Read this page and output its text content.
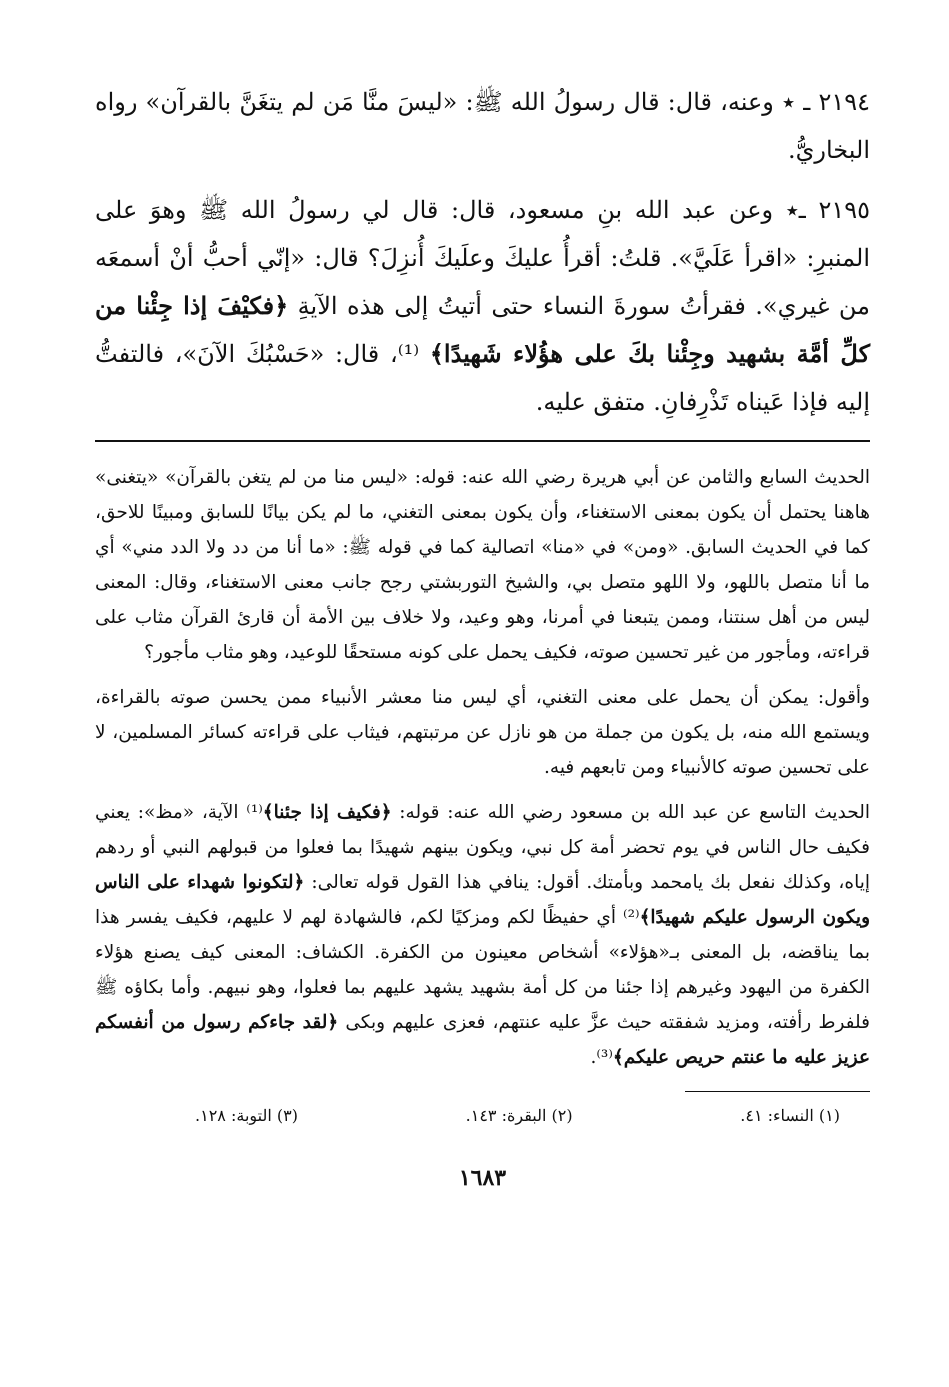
٢١٩٤ ـ ٭ وعنه، قال: قال رسولُ الله ﷺ: «ليسَ منَّا مَن لم يتغَنَّ بالقرآن» رواه البخاريُّ.

٢١٩٥ ـ٭ وعن عبد الله بنِ مسعود، قال: قال لي رسولُ الله ﷺ وهوَ على المنبرِ: «اقرأ عَلَيَّ». قلتُ: أقرأُ عليكَ وعلَيكَ أُنزِلَ؟ قال: «إنّي أحبُّ أنْ أسمعَه من غيري». فقرأتُ سورةَ النساء حتى أتيتُ إلى هذه الآيةِ ﴿فكيْفَ إذا جِئْنا من كلِّ أمَّة بشهيد وجِئْنا بكَ على هؤُلاء شَهيدًا﴾ ⁽¹⁾، قال: «حَسْبُكَ الآنَ»، فالتفتُّ إليه فإذا عَيناه تَذْرِفانِ. متفق عليه.

الحديث السابع والثامن عن أبي هريرة رضي الله عنه: قوله: «ليس منا من لم يتغن بالقرآن» «يتغنى» هاهنا يحتمل أن يكون بمعنى الاستغناء، وأن يكون بمعنى التغني، ما لم يكن بيانًا للسابق ومبينًا للاحق، كما في الحديث السابق. «ومن» في «منا» اتصالية كما في قوله ﷺ: «ما أنا من دد ولا الدد مني» أي ما أنا متصل باللهو، ولا اللهو متصل بي، والشيخ التوربشتي رجح جانب معنى الاستغناء، وقال: المعنى ليس من أهل سنتنا، وممن يتبعنا في أمرنا، وهو وعيد، ولا خلاف بين الأمة أن قارئ القرآن مثاب على قراءته، ومأجور من غير تحسين صوته، فكيف يحمل على كونه مستحقًا للوعيد، وهو مثاب مأجور؟

وأقول: يمكن أن يحمل على معنى التغني، أي ليس منا معشر الأنبياء ممن يحسن صوته بالقراءة، ويستمع الله منه، بل يكون من جملة من هو نازل عن مرتبتهم، فيثاب على قراءته كسائر المسلمين، لا على تحسين صوته كالأنبياء ومن تابعهم فيه.

الحديث التاسع عن عبد الله بن مسعود رضي الله عنه: قوله: ﴿فكيف إذا جئنا﴾⁽¹⁾ الآية، «مظ»: يعني فكيف حال الناس في يوم تحضر أمة كل نبي، ويكون بينهم شهيدًا بما فعلوا من قبولهم النبي أو ردهم إياه، وكذلك نفعل بك يامحمد وبأمتك. أقول: ينافي هذا القول قوله تعالى: ﴿لتكونوا شهداء على الناس ويكون الرسول عليكم شهيدًا﴾⁽²⁾ أي حفيظًا لكم ومزكيًا لكم، فالشهادة لهم لا عليهم، فكيف يفسر هذا بما يناقضه، بل المعنى بـ«هؤلاء» أشخاص معينون من الكفرة. الكشاف: المعنى كيف يصنع هؤلاء الكفرة من اليهود وغيرهم إذا جئنا من كل أمة بشهيد يشهد عليهم بما فعلوا، وهو نبيهم. وأما بكاؤه ﷺ فلفرط رأفته، ومزيد شفقته حيث عزَّ عليه عنتهم، فعزى عليهم وبكى ﴿لقد جاءكم رسول من أنفسكم عزيز عليه ما عنتم حريص عليكم﴾⁽³⁾.

(١) النساء: ٤١.
(٢) البقرة: ١٤٣.
(٣) التوبة: ١٢٨.
١٦٨٣
